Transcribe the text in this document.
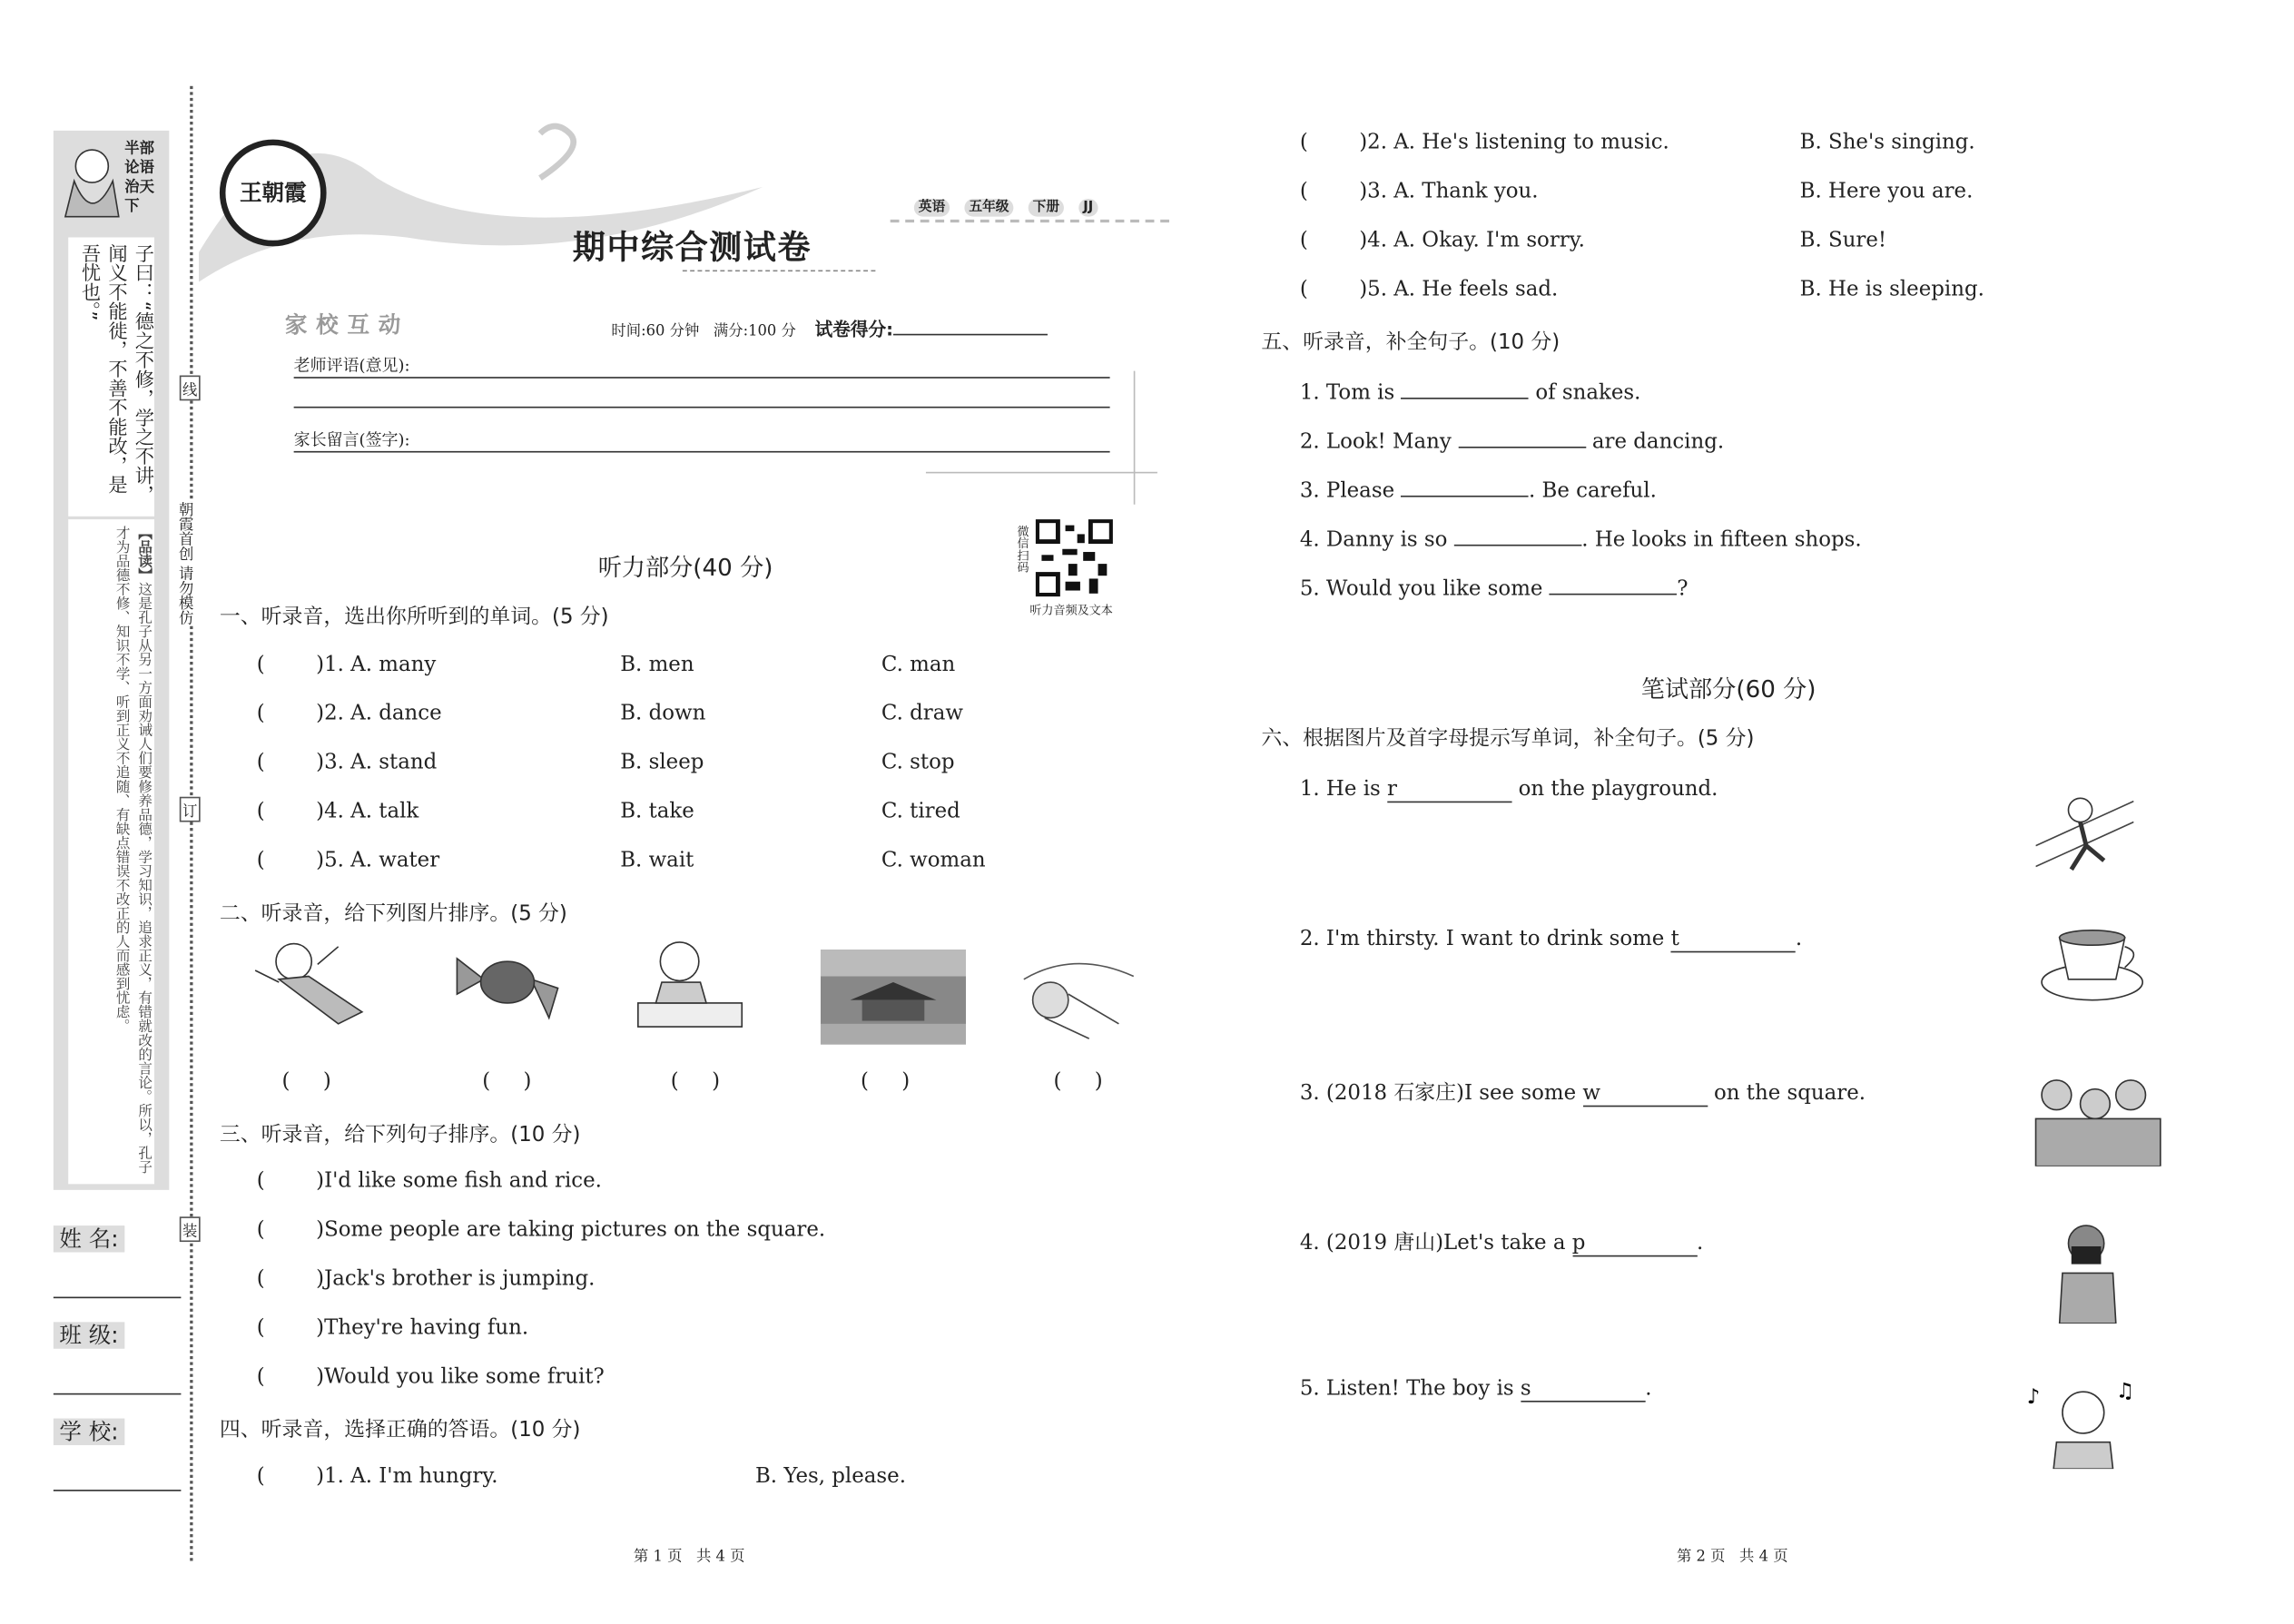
半部论语治天下
子曰：“德之不修，学之不讲，闻义不能徙，不善不能改，是吾忧也。”
【品读】这是孔子从另一方面劝诫人们要修养品德，学习知识，追求正义，有错就改的言论。所以，孔子才为品德不修、知识不学、听到正义不追随、有缺点错误不改正的人而感到忧虑。
线
订
装
朝霞首创 请勿模仿
姓 名:
班 级:
学 校:
王朝霞
期中综合测试卷
英语	五年级	下册	JJ
家校互动	时间:60 分钟 满分:100 分 试卷得分:
老师评语(意见):
家长留言(签字):
微信扫码
听力音频及文本
听力部分(40 分)
一、听录音，选出你所听到的单词。(5 分)
(	)1. A. many	B. men	C. man
(	)2. A. dance	B. down	C. draw
(	)3. A. stand	B. sleep	C. stop
(	)4. A. talk	B. take	C. tired
(	)5. A. water	B. wait	C. woman
二、听录音，给下列图片排序。(5 分)
(     )	(     )	(     )	(     )	(     )
三、听录音，给下列句子排序。(10 分)
(	)I'd like some fish and rice.
(	)Some people are taking pictures on the square.
(	)Jack's brother is jumping.
(	)They're having fun.
(	)Would you like some fruit?
四、听录音，选择正确的答语。(10 分)
(	)1. A. I'm hungry.	B. Yes, please.
(	)2. A. He's listening to music.	B. She's singing.
(	)3. A. Thank you.	B. Here you are.
(	)4. A. Okay. I'm sorry.	B. Sure!
(	)5. A. He feels sad.	B. He is sleeping.
五、听录音，补全句子。(10 分)
1. Tom is	of snakes.
2. Look! Many	are dancing.
3. Please	. Be careful.
4. Danny is so	. He looks in fifteen shops.
5. Would you like some	?
笔试部分(60 分)
六、根据图片及首字母提示写单词，补全句子。(5 分)
1. He is r	on the playground.
2. I'm thirsty. I want to drink some t	.
3. (2018 石家庄)I see some w	on the square.
4. (2019 唐山)Let's take a p	.
5. Listen! The boy is s	.	♪	♫
第 1 页   共 4 页	第 2 页   共 4 页
